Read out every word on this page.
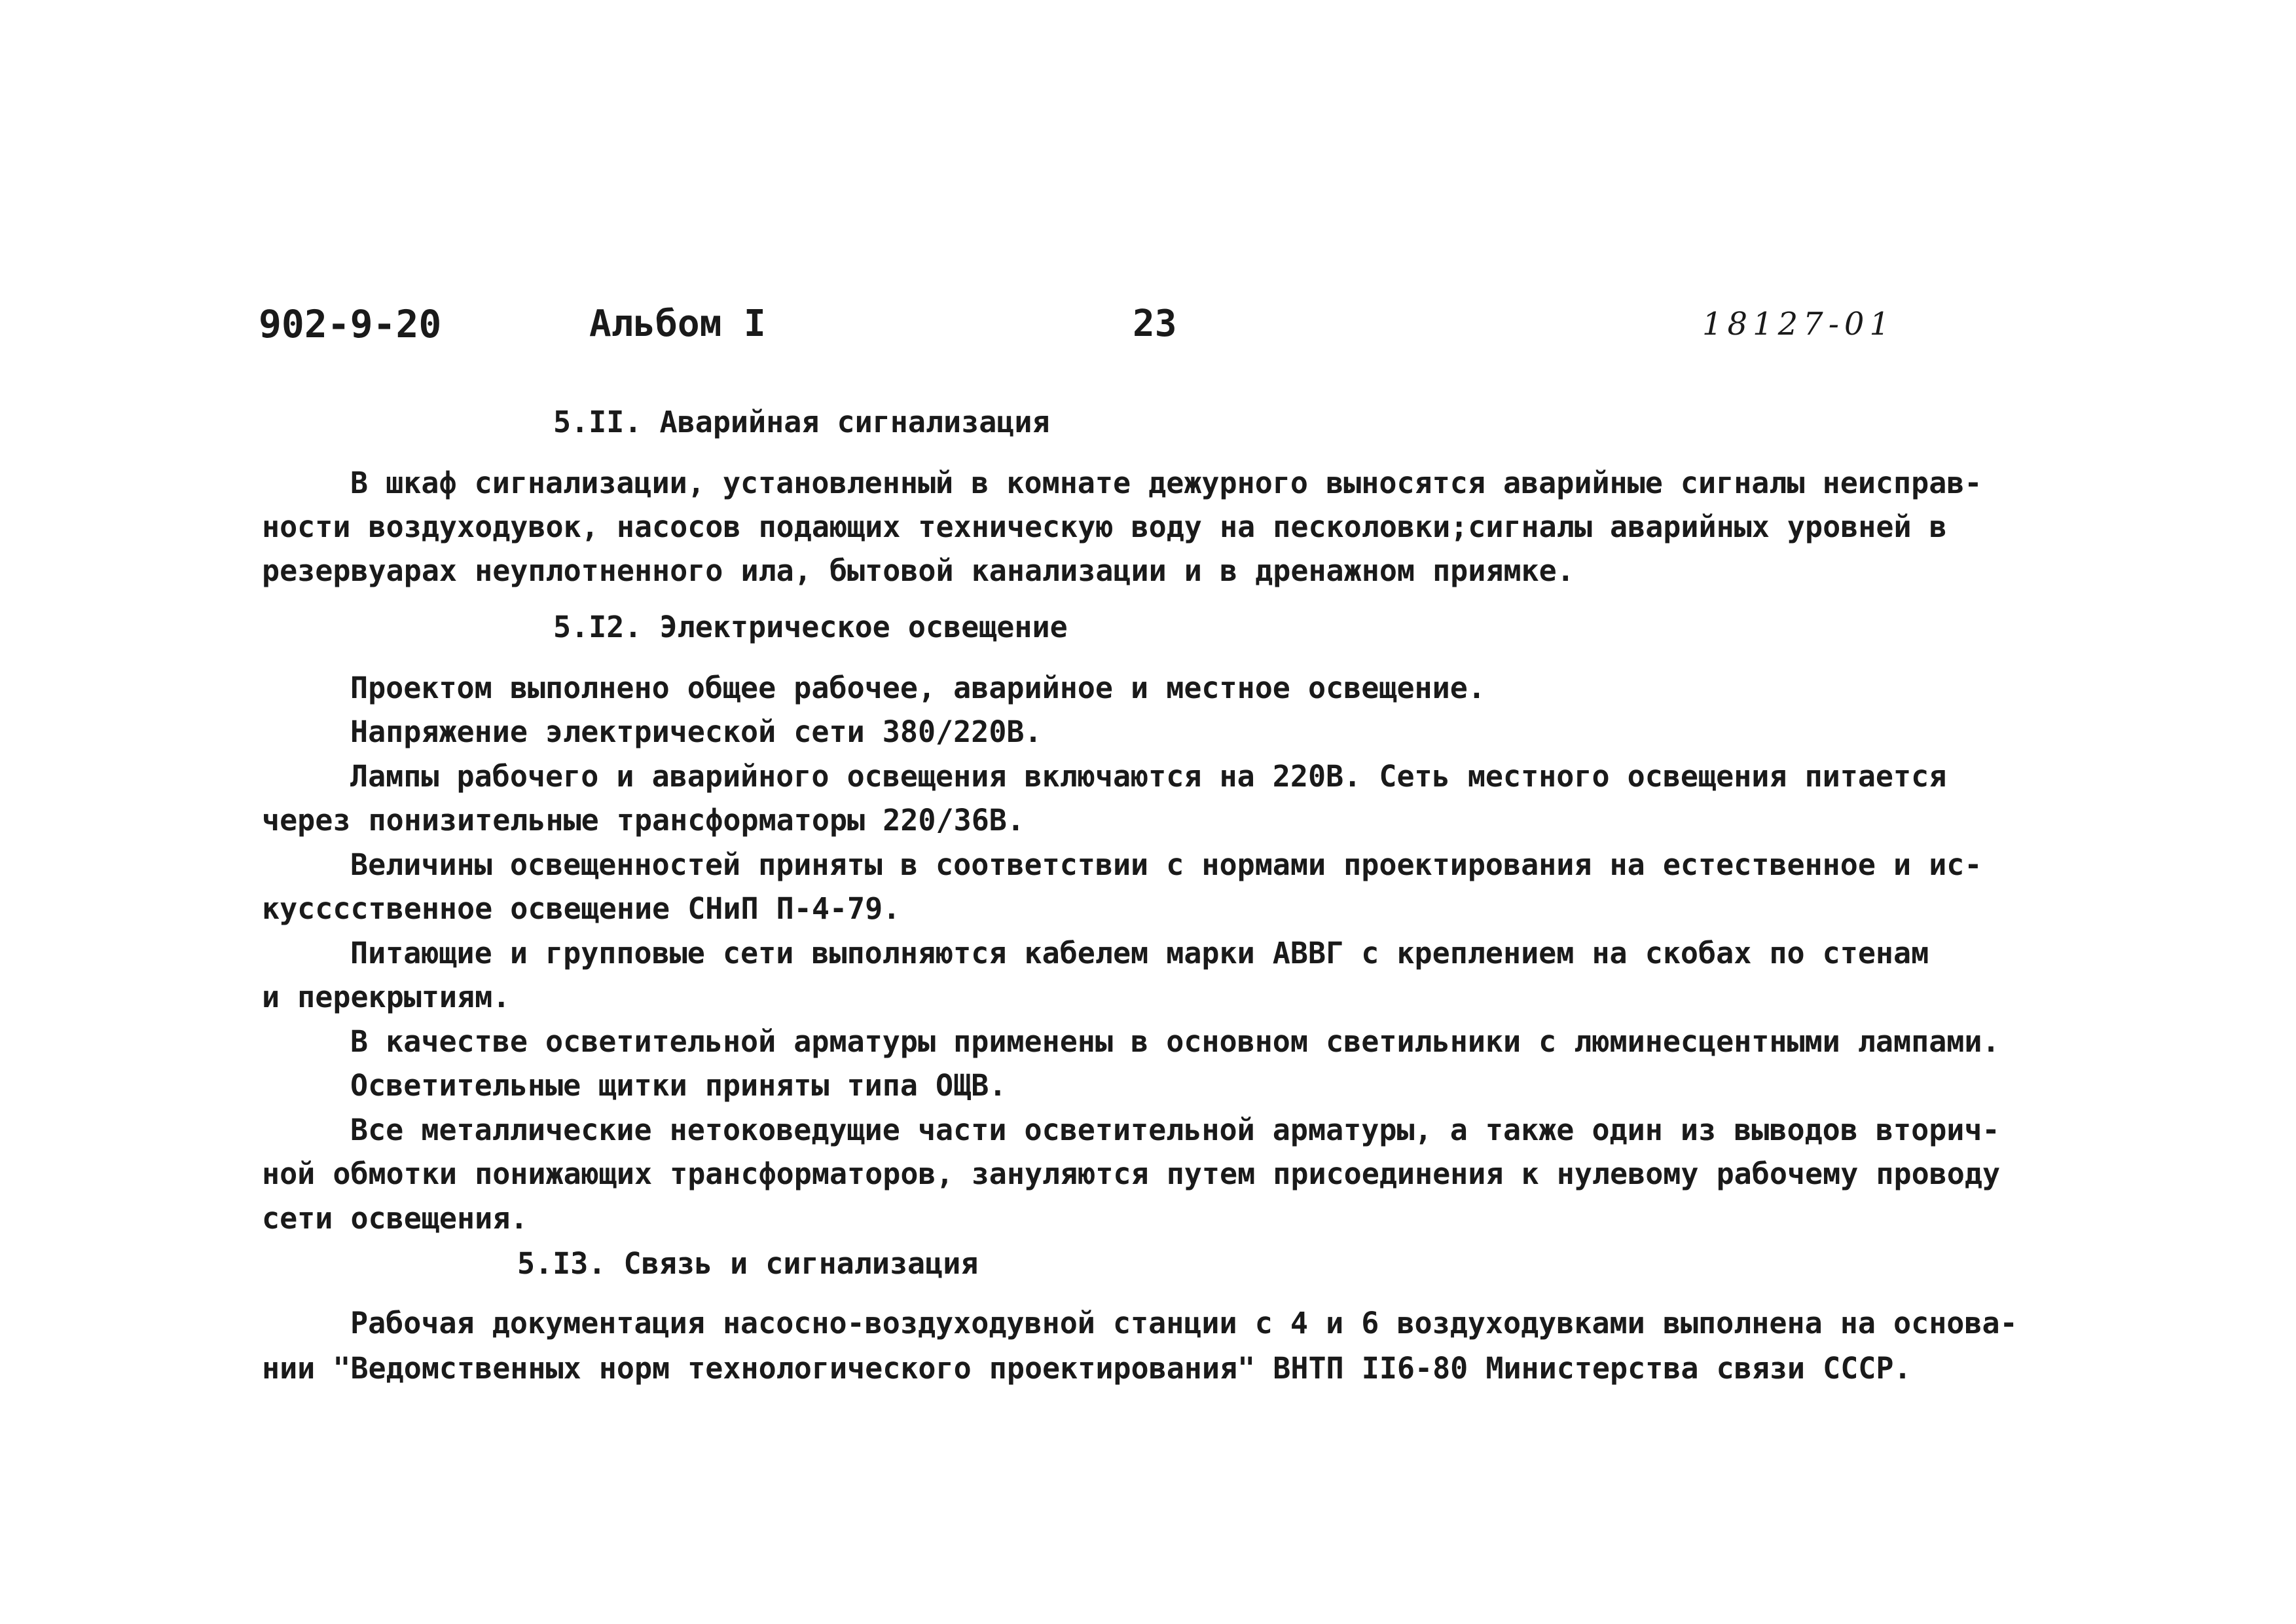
902-9-20	Альбом I	23	18127-01
5.II. Аварийная сигнализация
В шкаф сигнализации, установленный в комнате дежурного выносятся аварийные сигналы неисправ-
ности воздуходувок, насосов подающих техническую воду на песколовки;сигналы аварийных уровней в
резервуарах неуплотненного ила, бытовой канализации и в дренажном приямке.
5.I2. Электрическое освещение
Проектом выполнено общее рабочее, аварийное и местное освещение.
Напряжение электрической сети 380/220В.
Лампы рабочего и аварийного освещения включаются на 220В. Сеть местного освещения питается
через понизительные трансформаторы 220/36В.
Величины освещенностей приняты в соответствии с нормами проектирования на естественное и ис-
кусссственное освещение СНиП П-4-79.
Питающие и групповые сети выполняются кабелем марки АВВГ с креплением на скобах по стенам
и перекрытиям.
В качестве осветительной арматуры применены в основном светильники с люминесцентными лампами.
Осветительные щитки приняты типа ОЩВ.
Все металлические нетоковедущие части осветительной арматуры, а также один из выводов вторич-
ной обмотки понижающих трансформаторов, зануляются путем присоединения к нулевому рабочему проводу
сети освещения.
5.I3. Связь и сигнализация
Рабочая документация насосно-воздуходувной станции с 4 и 6 воздуходувками выполнена на основа-
нии "Ведомственных норм технологического проектирования" ВНТП II6-80 Министерства связи СССР.
